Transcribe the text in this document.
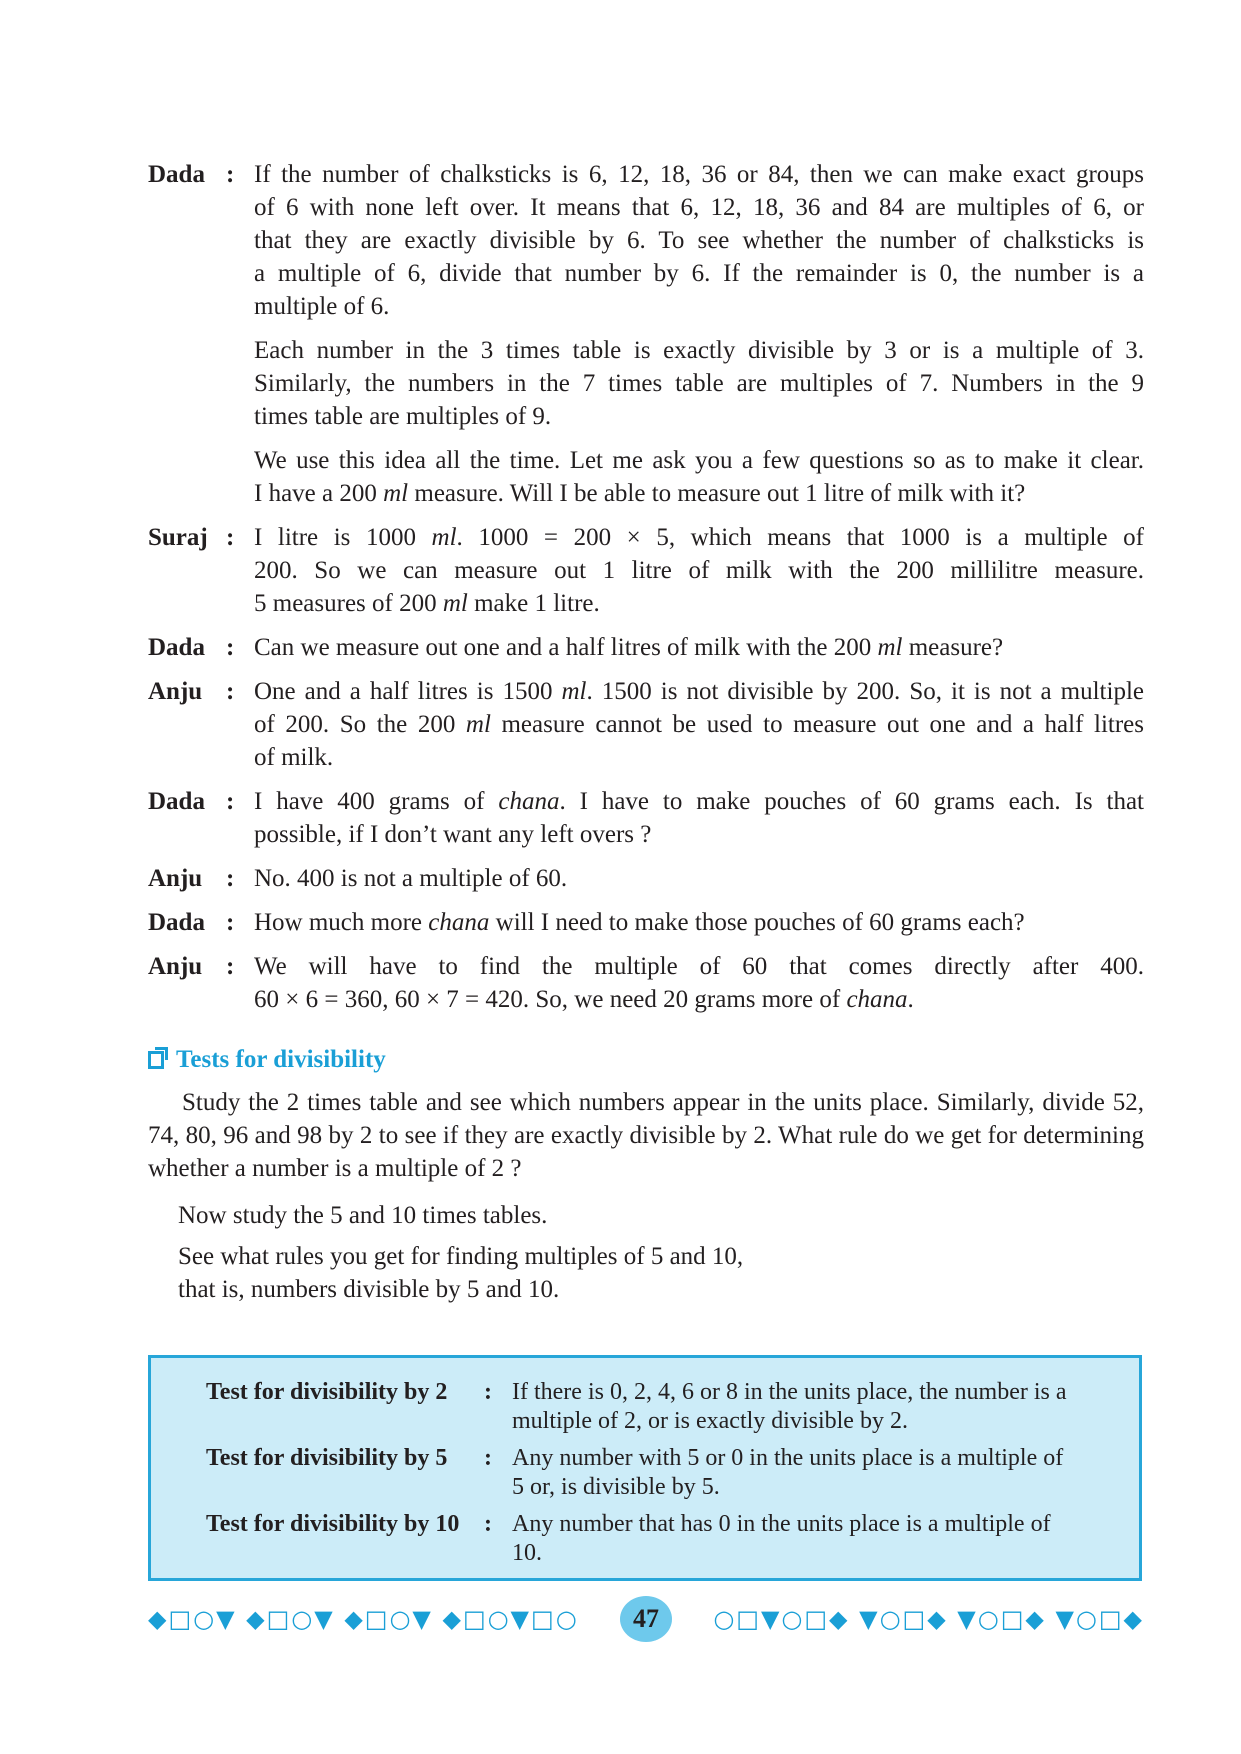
Dada : If the number of chalksticks is 6, 12, 18, 36 or 84, then we can make exact groups
of 6 with none left over. It means that 6, 12, 18, 36 and 84 are multiples of 6, or
that they are exactly divisible by 6. To see whether the number of chalksticks is
a multiple of 6, divide that number by 6. If the remainder is 0, the number is a
multiple of 6.
Each number in the 3 times table is exactly divisible by 3 or is a multiple of 3.
Similarly, the numbers in the 7 times table are multiples of 7. Numbers in the 9
times table are multiples of 9.
We use this idea all the time. Let me ask you a few questions so as to make it clear.
I have a 200 ml measure. Will I be able to measure out 1 litre of milk with it?
Suraj : I litre is 1000 ml. 1000 = 200 × 5, which means that 1000 is a multiple of
200. So we can measure out 1 litre of milk with the 200 millilitre measure.
5 measures of 200 ml make 1 litre.
Dada : Can we measure out one and a half litres of milk with the 200 ml measure?
Anju : One and a half litres is 1500 ml. 1500 is not divisible by 200. So, it is not a multiple
of 200. So the 200 ml measure cannot be used to measure out one and a half litres
of milk.
Dada : I have 400 grams of chana. I have to make pouches of 60 grams each. Is that
possible, if I don’t want any left overs ?
Anju : No. 400 is not a multiple of 60.
Dada : How much more chana will I need to make those pouches of 60 grams each?
Anju : We will have to find the multiple of 60 that comes directly after 400.
60 × 6 = 360, 60 × 7 = 420. So, we need 20 grams more of chana.
Tests for divisibility
Study the 2 times table and see which numbers appear in the units place. Similarly, divide 52, 74, 80, 96 and 98 by 2 to see if they are exactly divisible by 2. What rule do we get for determining whether a number is a multiple of 2 ?
Now study the 5 and 10 times tables.
See what rules you get for finding multiples of 5 and 10,
that is, numbers divisible by 5 and 10.
Test for divisibility by 2	: If there is 0, 2, 4, 6 or 8 in the units place, the number is a multiple of 2, or is exactly divisible by 2.
Test for divisibility by 5	: Any number with 5 or 0 in the units place is a multiple of 5 or, is divisible by 5.
Test for divisibility by 10	: Any number that has 0 in the units place is a multiple of 10.
◆□○▼ ◆□○▼ ◆□○▼ ◆□○▼□○	47	○□▼○□◆ ▼○□◆ ▼○□◆ ▼○□◆
